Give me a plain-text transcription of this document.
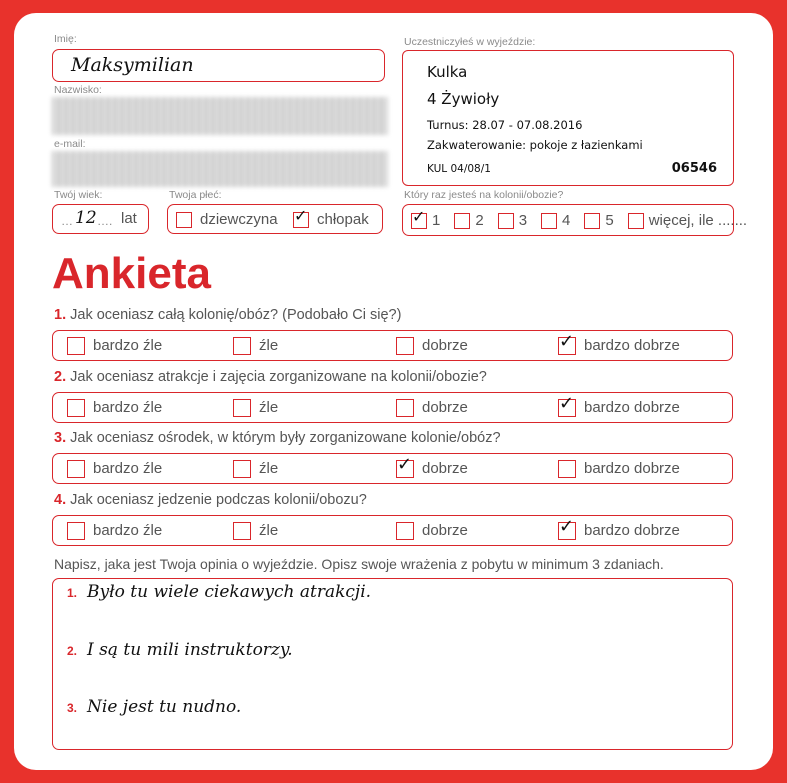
Imię:
Maksymilian
Nazwisko:
e-mail:
Uczestniczyłeś w wyjeździe:
Kulka
4 Żywioły
Turnus: 28.07 - 07.08.2016
Zakwaterowanie: pokoje z łazienkami
KUL 04/08/1	06546
Twój wiek:
… 12 …. lat
Twoja płeć:
dziewczyna ✓ chłopak
Który raz jesteś na kolonii/obozie?
✓ 1 2 3 4 5 więcej, ile .......
Ankieta
1. Jak oceniasz całą kolonię/obóz? (Podobało Ci się?)
bardzo źle	źle	dobrze	✓ bardzo dobrze
2. Jak oceniasz atrakcje i zajęcia zorganizowane na kolonii/obozie?
bardzo źle	źle	dobrze	✓ bardzo dobrze
3. Jak oceniasz ośrodek, w którym były zorganizowane kolonie/obóz?
bardzo źle	źle	✓ dobrze	bardzo dobrze
4. Jak oceniasz jedzenie podczas kolonii/obozu?
bardzo źle	źle	dobrze	✓ bardzo dobrze
Napisz, jaka jest Twoja opinia o wyjeździe. Opisz swoje wrażenia z pobytu w minimum 3 zdaniach.
1. Było tu wiele ciekawych atrakcji.
2. I są tu mili instruktorzy.
3. Nie jest tu nudno.
